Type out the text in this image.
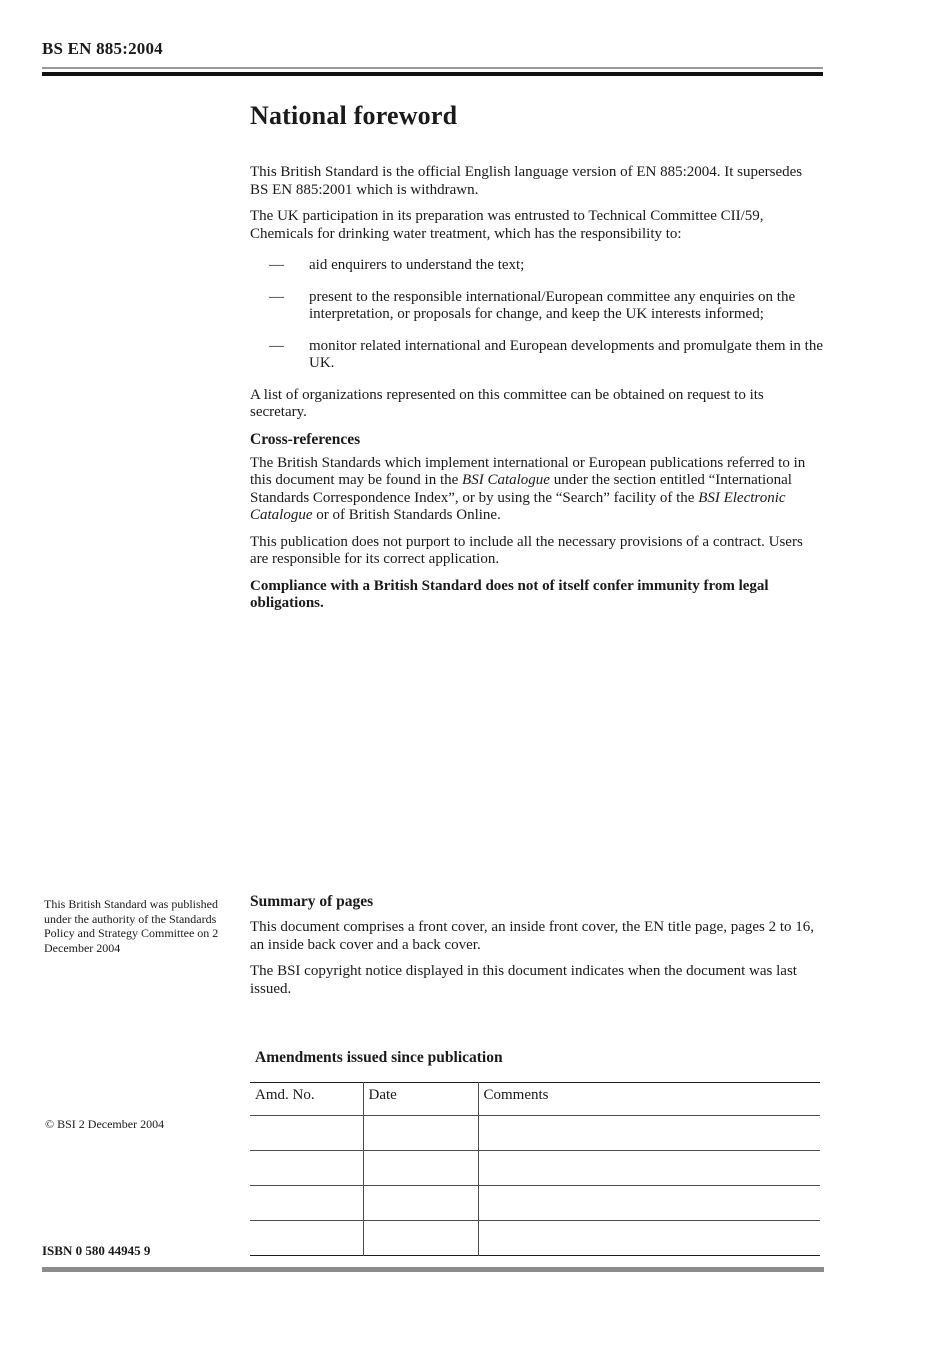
BS EN 885:2004
National foreword

This British Standard is the official English language version of EN 885:2004. It supersedes BS EN 885:2001 which is withdrawn.

The UK participation in its preparation was entrusted to Technical Committee CII/59, Chemicals for drinking water treatment, which has the responsibility to:

— aid enquirers to understand the text;
— present to the responsible international/European committee any enquiries on the interpretation, or proposals for change, and keep the UK interests informed;
— monitor related international and European developments and promulgate them in the UK.

A list of organizations represented on this committee can be obtained on request to its secretary.

Cross-references

The British Standards which implement international or European publications referred to in this document may be found in the BSI Catalogue under the section entitled “International Standards Correspondence Index”, or by using the “Search” facility of the BSI Electronic Catalogue or of British Standards Online.

This publication does not purport to include all the necessary provisions of a contract. Users are responsible for its correct application.

Compliance with a British Standard does not of itself confer immunity from legal obligations.

This British Standard was published under the authority of the Standards Policy and Strategy Committee on 2 December 2004

© BSI 2 December 2004

ISBN 0 580 44945 9

Summary of pages

This document comprises a front cover, an inside front cover, the EN title page, pages 2 to 16, an inside back cover and a back cover.

The BSI copyright notice displayed in this document indicates when the document was last issued.

Amendments issued since publication
Amd. No.	Date	Comments
